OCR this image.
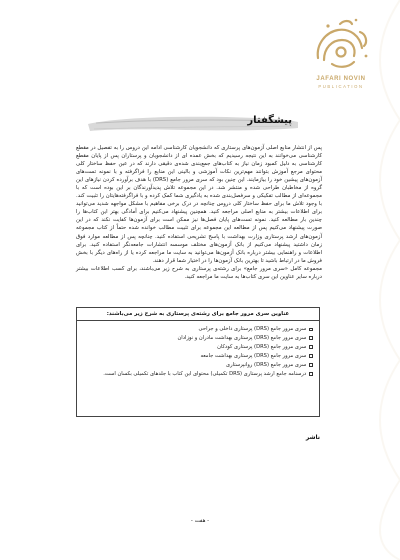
JAFARI NOVIN
PUBLICATION
پیشگفتار

پس از انتشار منابع اصلی آزمون‌های پرستاری که دانشجویان کارشناسی ادامه این دروس را به تفصیل در مقطع کارشناسی می‌خوانند به این نتیجه رسیدیم که بخش عمده ای از دانشجویان و پرستاران پس از پایان مقطع کارشناسی به دلیل کمبود زمان نیاز به کتاب‌های جمع‌بندی شده‌ی دقیقی دارند که در عین حفظ ساختار کلی محتوای مرجع آموزش بتوانند مهم‌ترین نکات آموزشی و بالینی این منابع را فراگرفته و با نمونه تست‌های آزمون‌های پیشین خود را بیازمایند. این چنین بود که سری مرور جامع (DRS) با هدف برآورده کردن نیازهای این گروه از مخاطبان طراحی شده و منتشر شد. در این مجموعه تلاش پدیدآورندگان بر این بوده است که با مجموعه‌ای از مطالب تفکیکی و سرفصل‌بندی شده به یادگیری شما کمک کرده و با فراگرفته‌هایتان را تثبیت کند. با وجود تلاش ما برای حفظ ساختار کلی دروس چنانچه در درک برخی مفاهیم با مشکل مواجهه شدید می‌توانید برای اطلاعات بیشتر به منابع اصلی مراجعه کنید. همچنین پیشنهاد می‌کنیم برای آمادگی بهتر این کتاب‌ها را چندین بار مطالعه کنید. نمونه تست‌های پایان فصل‌ها نیز ممکن است برای آزمون‌ها کفایت نکند که در این صورت پیشنهاد می‌کنیم پس از مطالعه این مجموعه برای تثبیت مطالب خوانده شده حتماً از کتاب مجموعه آزمون‌های ارشد پرستاری وزارت بهداشت با پاسخ تشریحی استفاده کنید. چنانچه پس از مطالعه موارد فوق زمان داشتید پیشنهاد می‌کنیم از بانک آزمون‌های مختلف موسسه انتشارات جامعه‌نگر استفاده کنید. برای اطلاعات و راهنمایی بیشتر درباره بانک آزمون‌ها می‌توانید به سایت ما مراجعه کرده یا از راه‌های دیگر با بخش فروش ما در ارتباط باشید تا بهترین بانک آزمون‌ها را در اختیار شما قرار دهند.

مجموعه کامل «سری مرور جامع» برای رشته‌ی پرستاری به شرح زیر می‌باشند، برای کسب اطلاعات بیشتر درباره سایر عناوین این سری کتاب‌ها به سایت ما مراجعه کنید.

عناوین سری مرور جامع برای رشته‌ی پرستاری به شرح زیر می‌باشند:
سری مرور جامع (DRS) پرستاری داخلی و جراحی
سری مرور جامع (DRS) پرستاری بهداشت مادران و نوزادان
سری مرور جامع (DRS) پرستاری کودکان
سری مرور جامع (DRS) پرستاری بهداشت جامعه
سری مرور جامع (DRS) روانپرستاری
درسنامه جامع ارشد پرستاری (DRS تکمیلی) محتوای این کتاب با جلدهای تکمیلی بکسان است.
ناشر
- هفت -
